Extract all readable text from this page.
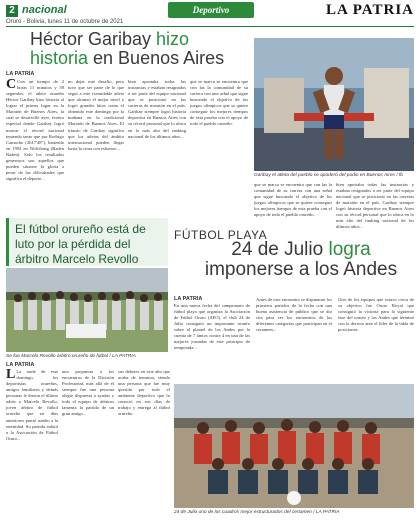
2 nacional	Deportivo	LA PATRIA
Oruro - Bolivia, lunes 11 de octubre de 2021
Héctor Garibay hizo
historia en Buenos Aires
LA PATRIA
C Con un tiempo de 2 horas 11 minutos y 39 segundos, el atleta orureño Héctor Garibay hizo historia al lograr el primer lugar en la Maratón de Buenos Aires, la cual se desarrolló ayer, evento especial donde Garibay logró marcar el récord nacional teniendo tanto que por Rodrigo Camacho (2h17'48"), batiendo en 1994 en Wolfsburg (Baden Baden). Solo los resultados generosos son aquellos que pueden situarse la gloria a pesar de las dificultades que significa el deporte...
no dejar este desafío, pero tuvo que ser parte de lo que seguí a este formidable atleta que alcanzó el mejor nivel y logró grandes hitos como el obtenido este domingo por la mañana en la tradicional Maratón de Buenos Aires. El triunfo de Garibay significa que los atletas del ámbito internacional pueden llegar hasta la cima con esfuerzo...
bien apostaba todas las instancias y estaban resignados a ser parte del equipo nacional que se posicionó en las carreras de maratón en el país. Garibay siempre logró historia deportiva en Buenos Aires con su récord personal que lo ubica en lo más alto del ranking nacional de los últimos años...
que se marca se encuentra que con las la comunidad de su carrera con una señal que sigue buscando el objetivo de los juegos olímpicos que se quiere conseguir los mejores tiempos de esta prueba con el apoyo de todo el pueblo orureño.
Garibay el atleta del pueblo se apoderó del podio en Buenos Aires / fb
que se marca se encuentra que con las la comunidad de su carrera con una señal que sigue buscando el objetivo de los juegos olímpicos que se quiere conseguir los mejores tiempos de esta prueba con el apoyo de todo el pueblo orureño.
bien apostaba todas las instancias y estaban resignados a ser parte del equipo nacional que se posicionó en las carreras de maratón en el país. Garibay siempre logró historia deportiva en Buenos Aires con su récord personal que lo ubica en lo más alto del ranking nacional de los últimos años...
El fútbol orureño está de luto por la pérdida del árbitro Marcelo Revollo
Se fue Marcelo Revollo árbitro orureño de fútbol / LA PATRIA
LA PATRIA
L La tarde de este domingo, los deportistas orureños, amigos familiares y demás personas le dieron el último adiós a Marcelo Revollo, joven árbitro de fútbol orureño que en días anteriores partió rumbo a la eternidad. Su partida enlutó a la Asociación de Fútbol Oruro...
una propuesta a los encuentros de la División Profesional, más allá de él siempre fue una persona alegre dispuesta a ayudar y todo el equipo de árbitros lamenta la partida de un gran amigo...
sus deberes en este año que acaba de terminar, siendo una persona que fue muy querida por todo el ambiente deportivo que lo conoció en sus días de trabajo y entrega al fútbol orureño.
FÚTBOL PLAYA
24 de Julio logra
imponerse a los Andes
LA PATRIA
En una nueva fecha del campeonato de fútbol playa que organiza la Asociación de Fútbol Oruro (AFO), el club 24 de Julio consiguió un importante triunfo sobre el plantel de los Andes por la cuenta de 7 tantos contra 4 en una de las mejores jornadas de este principio de temporada...
Antes de este encuentro se disputaron los primeros partidos de la fecha con una buena asistencia de público que se dio cita para ver los encuentros de las diferentes categorías que participan en el certamen...
Otro de los equipos que estuvo cerca de su objetivo fue Oruro Royal que consiguió la victoria para la siguiente fase del torneo y los Andes que terminó con la derrota ante el líder de la tabla de posiciones.
24 de Julio uno de los cuadros mejor estructurados del certamen / LA PATRIA
